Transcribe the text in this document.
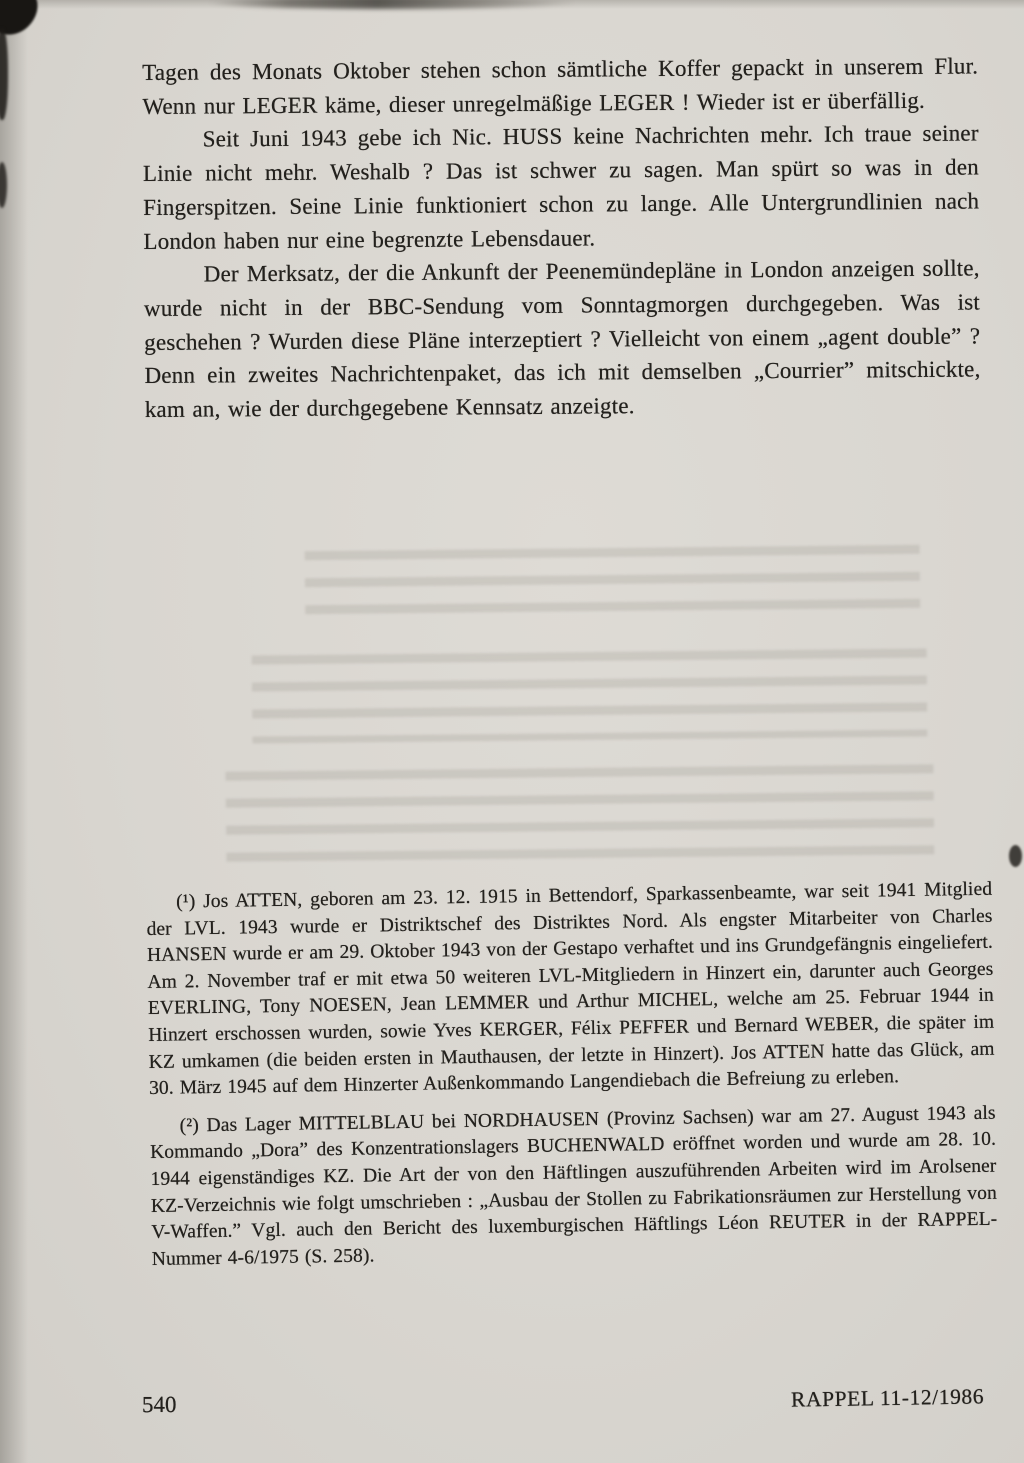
Tagen des Monats Oktober stehen schon sämtliche Koffer gepackt in unserem Flur. Wenn nur LEGER käme, dieser unregelmäßige LEGER ! Wieder ist er überfällig.

Seit Juni 1943 gebe ich Nic. HUSS keine Nachrichten mehr. Ich traue seiner Linie nicht mehr. Weshalb ? Das ist schwer zu sagen. Man spürt so was in den Fingerspitzen. Seine Linie funktioniert schon zu lange. Alle Untergrundlinien nach London haben nur eine begrenzte Lebensdauer.

Der Merksatz, der die Ankunft der Peenemündepläne in London anzeigen sollte, wurde nicht in der BBC-Sendung vom Sonntagmorgen durchgegeben. Was ist geschehen ? Wurden diese Pläne interzeptiert ? Vielleicht von einem „agent double” ? Denn ein zweites Nachrichtenpaket, das ich mit demselben „Courrier” mitschickte, kam an, wie der durchgegebene Kennsatz anzeigte.

(¹) Jos ATTEN, geboren am 23. 12. 1915 in Bettendorf, Sparkassenbeamte, war seit 1941 Mitglied der LVL. 1943 wurde er Distriktschef des Distriktes Nord. Als engster Mitarbeiter von Charles HANSEN wurde er am 29. Oktober 1943 von der Gestapo verhaftet und ins Grundgefängnis eingeliefert. Am 2. November traf er mit etwa 50 weiteren LVL-Mitgliedern in Hinzert ein, darunter auch Georges EVERLING, Tony NOESEN, Jean LEMMER und Arthur MICHEL, welche am 25. Februar 1944 in Hinzert erschossen wurden, sowie Yves KERGER, Félix PEFFER und Bernard WEBER, die später im KZ umkamen (die beiden ersten in Mauthausen, der letzte in Hinzert). Jos ATTEN hatte das Glück, am 30. März 1945 auf dem Hinzerter Außenkommando Langendiebach die Befreiung zu erleben.

(²) Das Lager MITTELBLAU bei NORDHAUSEN (Provinz Sachsen) war am 27. August 1943 als Kommando „Dora” des Konzentrationslagers BUCHENWALD eröffnet worden und wurde am 28. 10. 1944 eigenständiges KZ. Die Art der von den Häftlingen auszuführenden Arbeiten wird im Arolsener KZ-Verzeichnis wie folgt umschrieben : „Ausbau der Stollen zu Fabrikationsräumen zur Herstellung von V-Waffen.” Vgl. auch den Bericht des luxemburgischen Häftlings Léon REUTER in der RAPPEL-Nummer 4-6/1975 (S. 258).

540	RAPPEL 11-12/1986
